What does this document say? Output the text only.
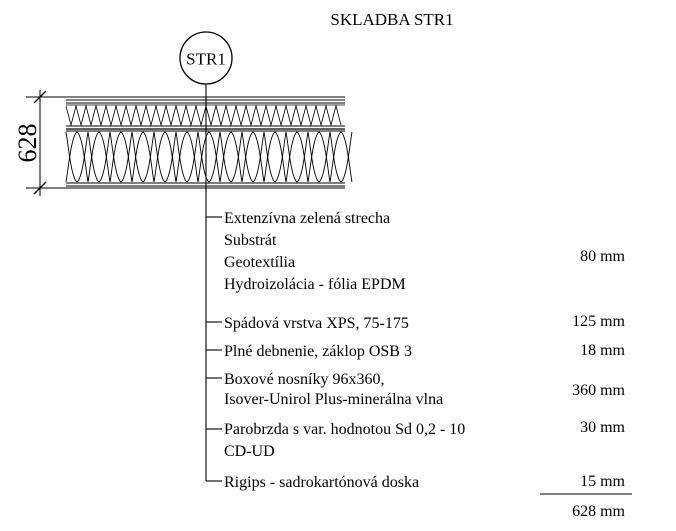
SKLADBA STR1
STR1
628
Extenzívna zelená strecha
Substrát
Geotextília
Hydroizolácia - fólia EPDM
Spádová vrstva XPS, 75-175
Plné debnenie, záklop OSB 3
Boxové nosníky 96x360,
Isover-Unirol Plus-minerálna vlna
Parobrzda s var. hodnotou Sd 0,2 - 10
CD-UD
Rigips - sadrokartónová doska
80 mm
125 mm
18 mm
360 mm
30 mm
15 mm
628 mm
